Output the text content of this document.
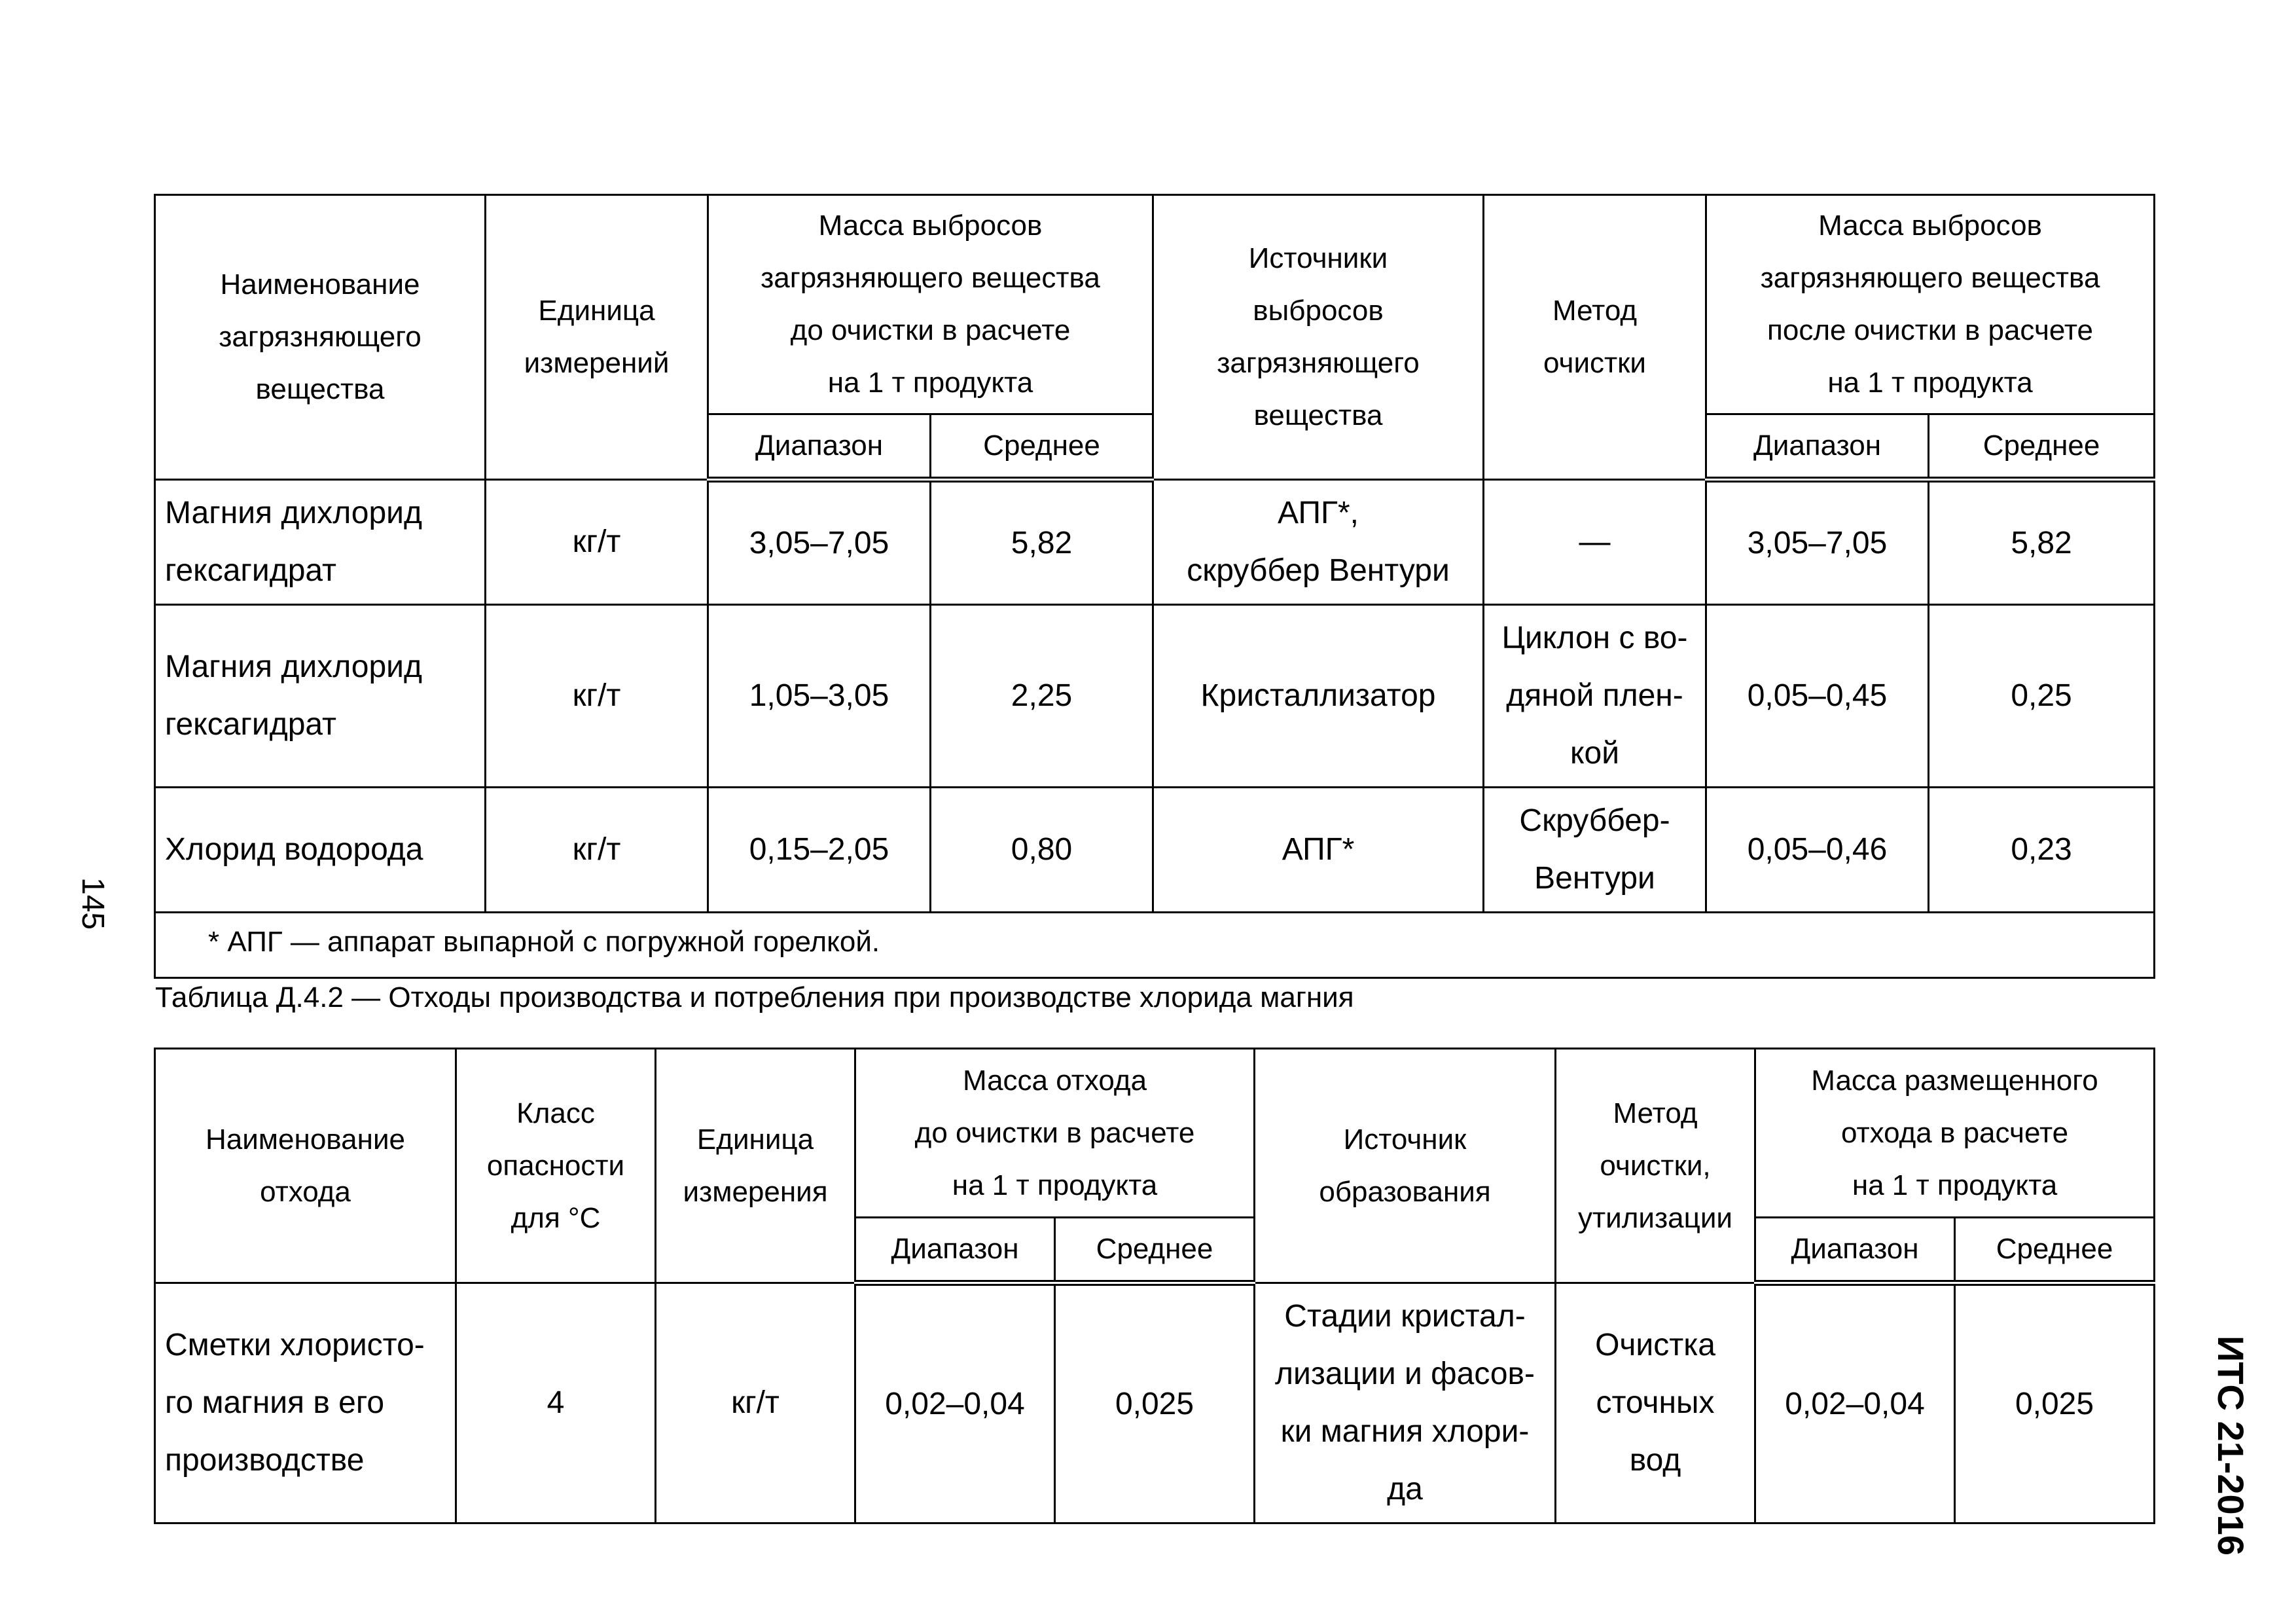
145
ИТС 21-2016
Наименование
загрязняющего
вещества	Единица
измерений	Масса выбросов
загрязняющего вещества
до очистки в расчете
на 1 т продукта		Источники
выбросов
загрязняющего
вещества	Метод
очистки	Масса выбросов
загрязняющего вещества
после очистки в расчете
на 1 т продукта	
		Диапазон	Среднее			Диапазон	Среднее
Магния дихлорид
гексагидрат	кг/т	3,05–7,05	5,82	АПГ*,
скруббер Вентури	—	3,05–7,05	5,82
Магния дихлорид
гексагидрат	кг/т	1,05–3,05	2,25	Кристаллизатор	Циклон с во-
дяной плен-
кой	0,05–0,45	0,25
Хлорид водорода	кг/т	0,15–2,05	0,80	АПГ*	Скруббер-
Вентури	0,05–0,46	0,23
* АПГ — аппарат выпарной с погружной горелкой.							
Таблица Д.4.2 — Отходы производства и потребления при производстве хлорида магния
Наименование
отхода	Класс
опасности
для °С	Единица
измерения	Масса отхода
до очистки в расчете
на 1 т продукта		Источник
образования	Метод
очистки,
утилизации	Масса размещенного
отхода в расчете
на 1 т продукта	
			Диапазон	Среднее			Диапазон	Среднее
Сметки хлористо-
го магния в его
производстве	4	кг/т	0,02–0,04	0,025	Стадии кристал-
лизации и фасов-
ки магния хлори-
да	Очистка
сточных
вод	0,02–0,04	0,025
